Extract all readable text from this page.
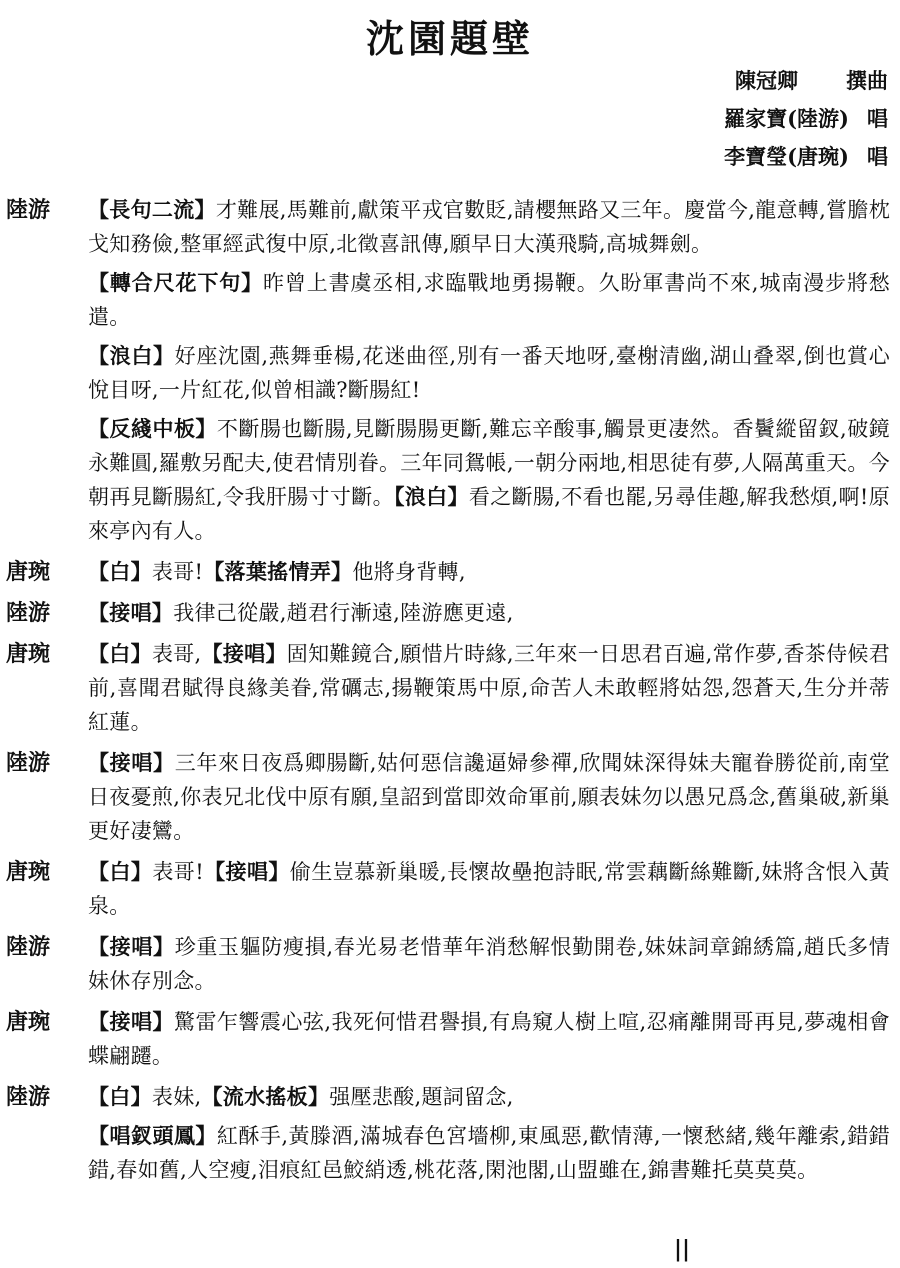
沈園題壁
陳冠卿 撰曲
羅家寶(陸游) 唱
李寶瑩(唐琬) 唱
陸游 【長句二流】才難展,馬難前,獻策平戎官數貶,請櫻無路又三年。慶當今,龍意轉,嘗膽枕戈知務儉,整軍經武復中原,北徵喜訊傳,願早日大漢飛騎,高城舞劍。

【轉合尺花下句】昨曾上書虞丞相,求臨戰地勇揚鞭。久盼軍書尚不來,城南漫步將愁遣。

【浪白】好座沈園,燕舞垂楊,花迷曲徑,別有一番天地呀,臺榭清幽,湖山叠翠,倒也賞心悅目呀,一片紅花,似曾相識?斷腸紅!

【反綫中板】不斷腸也斷腸,見斷腸腸更斷,難忘辛酸事,觸景更凄然。香鬢縱留釵,破鏡永難圓,羅敷另配夫,使君情別眷。三年同鴛帳,一朝分兩地,相思徒有夢,人隔萬重天。今朝再見斷腸紅,令我肝腸寸寸斷。【浪白】看之斷腸,不看也罷,另尋佳趣,解我愁煩,啊!原來亭內有人。

唐琬 【白】表哥!【落葉搖情弄】他將身背轉,

陸游 【接唱】我律己從嚴,趙君行漸遠,陸游應更遠,

唐琬 【白】表哥,【接唱】固知難鏡合,願惜片時緣,三年來一日思君百遍,常作夢,香茶侍候君前,喜聞君賦得良緣美眷,常礪志,揚鞭策馬中原,命苦人未敢輕將姑怨,怨蒼天,生分并蒂紅蓮。

陸游 【接唱】三年來日夜爲卿腸斷,姑何惡信讒逼婦參禪,欣聞妹深得妹夫寵眷勝從前,南堂日夜憂煎,你表兄北伐中原有願,皇詔到當即效命軍前,願表妹勿以愚兄爲念,舊巢破,新巢更好凄鸞。

唐琬 【白】表哥!【接唱】偷生豈慕新巢暖,長懷故壘抱詩眠,常雲藕斷絲難斷,妹將含恨入黃泉。

陸游 【接唱】珍重玉軀防瘦損,春光易老惜華年消愁解恨勤開卷,妹妹詞章錦綉篇,趙氏多情妹休存別念。

唐琬 【接唱】驚雷乍響震心弦,我死何惜君譽損,有鳥窺人樹上喧,忍痛離開哥再見,夢魂相會蝶翩躚。

陸游 【白】表妹,【流水搖板】强壓悲酸,題詞留念,

【唱釵頭鳳】紅酥手,黃滕酒,滿城春色宮墻柳,東風惡,歡情薄,一懷愁緒,幾年離索,錯錯錯,春如舊,人空瘦,泪痕紅邑鮫綃透,桃花落,閑池閣,山盟雖在,錦書難托莫莫莫。

||
